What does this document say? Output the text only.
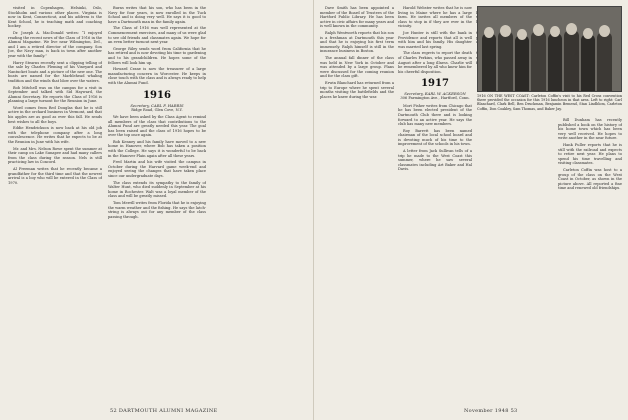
visited in Copenhagen, Helsinki, Oslo, Stockholm and various other places. Virginia is now in Kent, Connecticut, and his address is the Kent School, he is teaching math and coaching hockey.

Dr. Joseph A. MacDonald writes: “I enjoyed reading the recent news of the Class of 1916 in the Alumni Magazine. We live near Wilmington, Del., and I am a retired director of the company. Son Joe, the Navy man, is back in town after another year with the family.”

Harry Stearns recently sent a clipping telling of the sale by Charles Fleming of his Vineyard and Nantucket boats and a picture of the new one. The boats are named for the Marblehead whaling tradition and the winds that blow over the waters.

Bob Mitchell was on the campus for a visit in September and talked with Sid Hayward, the Alumni Secretary. He reports the Class of 1916 is planning a large turnout for the Reunion in June.

Word comes from Red Douglas that he is still active in the orchard business in Vermont, and that his apples are as good as ever this fall. He sends best wishes to all the boys.

Eddie Hendrickson is now back at his old job with the telephone company after a long convalescence. He writes that he expects to be at the Reunion in June with his wife.

Mr. and Mrs. Nelson Rowe spent the summer at their camp on Lake Sunapee and had many callers from the class during the season. Nels is still practicing law in Concord.

Al Freeman writes that he recently became a grandfather for the third time and that the newest arrival is a boy who will be entered in the Class of 1970.

Burns writes that his son, who has been in the Navy for four years, is now enrolled in the Tuck School and is doing very well. He says it is good to have a Dartmouth man in the family again.

The Class of 1916 was well represented at the Commencement exercises, and many of us were glad to see old friends and classmates again. We hope for an even better turnout next year.

George Riley sends word from California that he has retired and is now devoting his time to gardening and to his grandchildren. He hopes some of the fellows will look him up.

Howard Crane is now the treasurer of a large manufacturing concern in Worcester. He keeps in close touch with the class and is always ready to help with the Alumni Fund.

1916
Secretary, CARL F. HARRIS
Ridge Road, Glen Cove, N.Y.

We have been asked by the Class Agent to remind all members of the class that contributions to the Alumni Fund are greatly needed this year. The goal has been raised and the class of 1916 hopes to be over the top once again.

Bob Kenney and his family have moved to a new home in Hanover, where Bob has taken a position with the College. He says it is wonderful to be back in the Hanover Plain again after all these years.

Fred Martin and his wife visited the campus in October during the Harvard game week-end and enjoyed seeing the changes that have taken place since our undergraduate days.

The class extends its sympathy to the family of Walter Hunt, who died suddenly in September at his home in Rochester. Walt was a loyal member of the class and will be greatly missed.

Tom Merrill writes from Florida that he is enjoying the warm weather and the fishing. He says the latch-string is always out for any member of the class passing through.

52 DARTMOUTH ALUMNI MAGAZINE

Dave Smith has been appointed a member of the Board of Trustees of the Hartford Public Library. He has been active in civic affairs for many years and is well known in the community.

Ralph Wentworth reports that his son is a freshman at Dartmouth this year and that he is enjoying his first term immensely. Ralph himself is still in the insurance business in Boston.

The annual fall dinner of the class was held in New York in October and was attended by a large group. Plans were discussed for the coming reunion and for the class gift.

Erwin Blanchard has returned from a trip to Europe where he spent several months visiting the battlefields and the places he knew during the war.

Harold Webster writes that he is now living in Maine where he has a large farm. He invites all members of the class to stop in if they are ever in the vicinity.

Joe Hunter is still with the bank in Providence and reports that all is well with him and his family. His daughter was married last spring.

The class regrets to report the death of Charles Perkins, who passed away in August after a long illness. Charlie will be remembered by all who knew him for his cheerful disposition.

1917
Secretary, EARL W. ACKERSON
306 Farmington Ave., Hartford, Conn.

Mort Fisher writes from Chicago that he has been elected president of the Dartmouth Club there and is looking forward to an active year. He says the club has many new members.

Roy Barrett has been named chairman of the local school board and is devoting much of his time to the improvement of the schools in his town.

A letter from Jack Sullivan tells of a trip he made to the West Coast this summer, where he saw several classmates including Art Baker and Hal Davis.

Bill Dunham has recently published a book on the history of his home town which has been very well received. He hopes to write another in the near future.

Hank Fuller reports that he is still with the railroad and expects to retire next year. He plans to spend his time travelling and visiting classmates.

Carleton Coffin was host to a group of the class on the West Coast in October, as shown in the picture above. All reported a fine time and renewed old friendships.

November 1948 53
1916 ON THE WEST COAST: Carleton Coffin's visit to his Red Cross convention there provided the occasion for this 1916 luncheon in that area. Left to right: Carl Blanchard, Clark Bell, Ben Druckman, Benjamin Bemend, Stan Lindblom, Carleton Coffin, Don Coakley, Sam Thomas, and Baker Jay.
